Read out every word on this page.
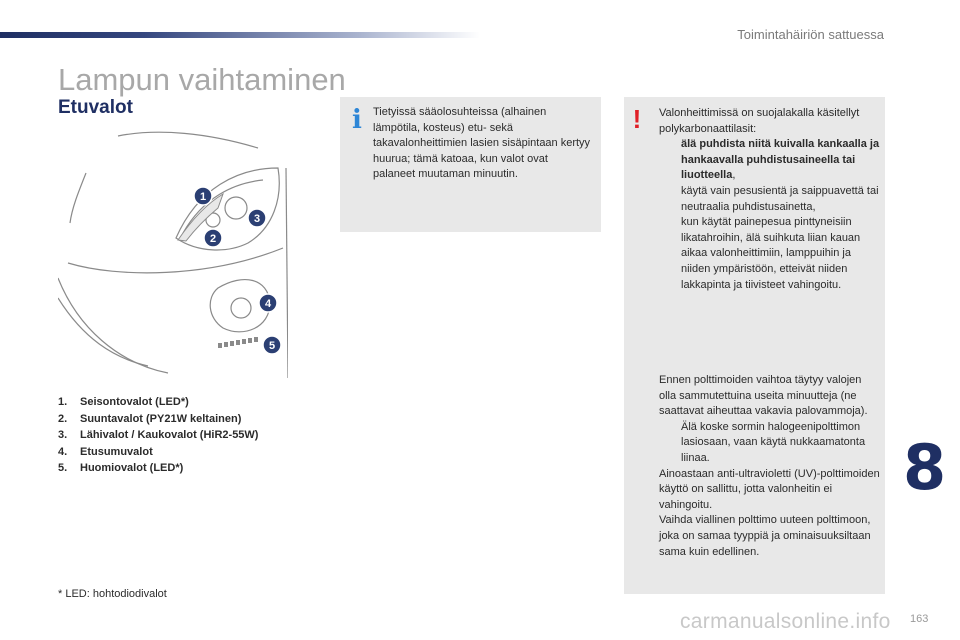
Toimintahäiriön sattuessa
Lampun vaihtaminen
Etuvalot
1
2
3
4
5
1. Seisontovalot (LED*)
2. Suuntavalot (PY21W keltainen)
3. Lähivalot / Kaukovalot (HiR2-55W)
4. Etusumuvalot
5. Huomiovalot (LED*)
* LED: hohtodiodivalot
i	Tietyissä sääolosuhteissa (alhainen lämpötila, kosteus) etu- sekä takavalonheittimien lasien sisäpintaan kertyy huurua; tämä katoaa, kun valot ovat palaneet muutaman minuutin.
! Valonheittimissä on suojalakalla käsitellyt polykarbonaattilasit:
älä puhdista niitä kuivalla kankaalla ja hankaavalla puhdistusaineella tai liuotteella,
käytä vain pesusientä ja saippuavettä tai neutraalia puhdistusainetta,
kun käytät painepesua pinttyneisiin likatahroihin, älä suihkuta liian kauan aikaa valonheittimiin, lamppuihin ja niiden ympäristöön, etteivät niiden lakkapinta ja tiivisteet vahingoitu.
Ennen polttimoiden vaihtoa täytyy valojen olla sammutettuina useita minuutteja (ne saattavat aiheuttaa vakavia palovammoja).
Älä koske sormin halogeenipolttimon lasiosaan, vaan käytä nukkaamatonta liinaa.
Ainoastaan anti-ultravioletti (UV)-polttimoiden käyttö on sallittu, jotta valonheitin ei vahingoitu.
Vaihda viallinen polttimo uuteen polttimoon, joka on samaa tyyppiä ja ominaisuuksiltaan sama kuin edellinen.
8
carmanualsonline.info 163
